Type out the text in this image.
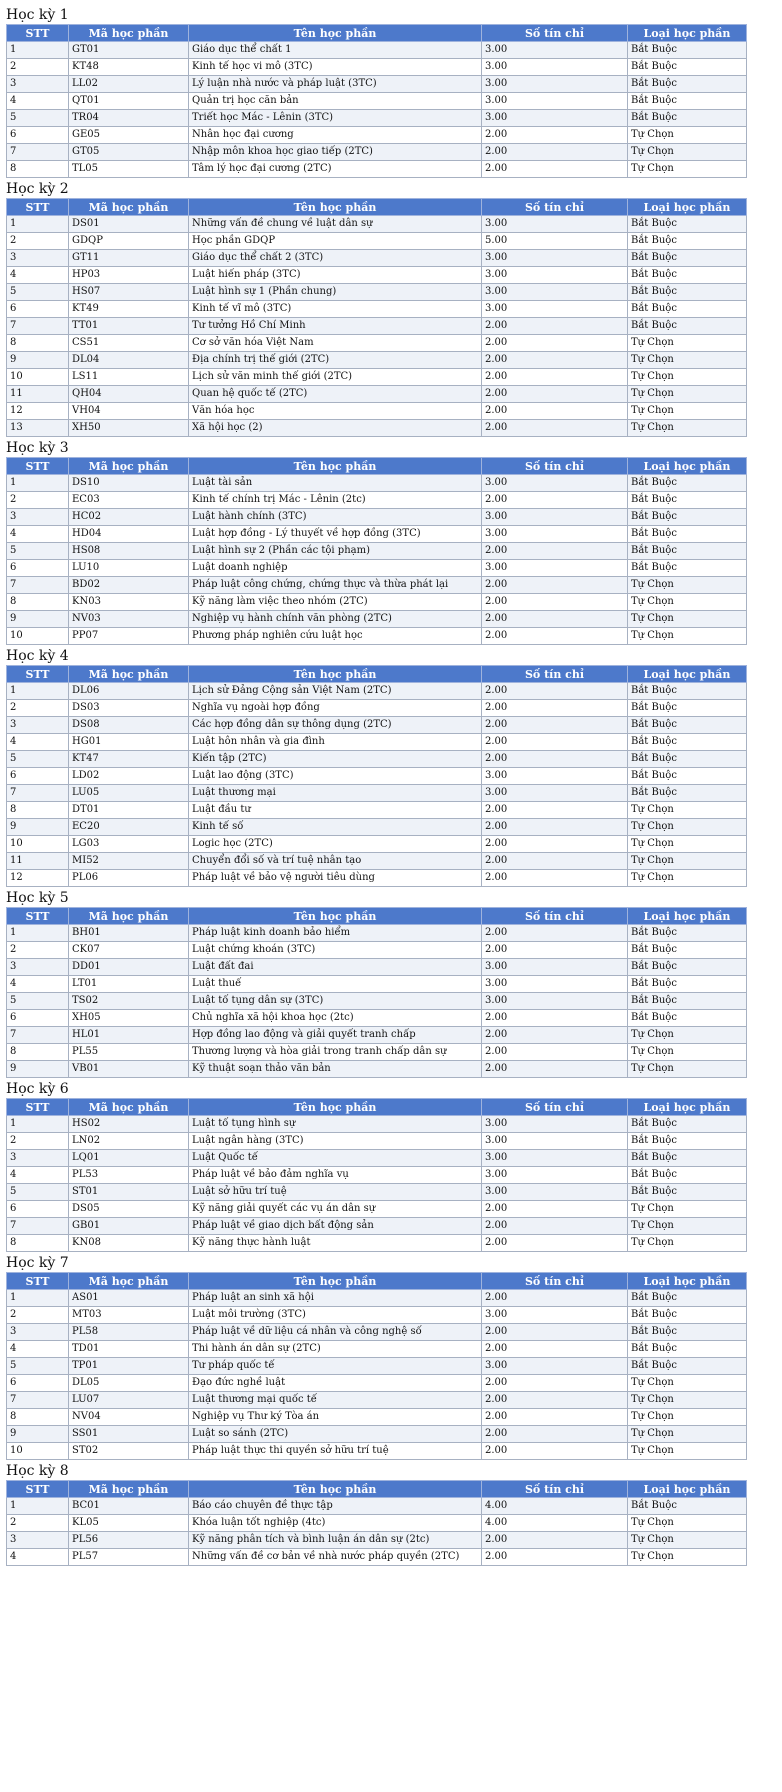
Học kỳ 1
STT	Mã học phần	Tên học phần	Số tín chỉ	Loại học phần
1	GT01	Giáo dục thể chất 1	3.00	Bắt Buộc
2	KT48	Kinh tế học vi mô (3TC)	3.00	Bắt Buộc
3	LL02	Lý luận nhà nước và pháp luật (3TC)	3.00	Bắt Buộc
4	QT01	Quản trị học căn bản	3.00	Bắt Buộc
5	TR04	Triết học Mác - Lênin (3TC)	3.00	Bắt Buộc
6	GE05	Nhân học đại cương	2.00	Tự Chọn
7	GT05	Nhập môn khoa học giao tiếp (2TC)	2.00	Tự Chọn
8	TL05	Tâm lý học đại cương (2TC)	2.00	Tự Chọn
Học kỳ 2
STT	Mã học phần	Tên học phần	Số tín chỉ	Loại học phần
1	DS01	Những vấn đề chung về luật dân sự	3.00	Bắt Buộc
2	GDQP	Học phần GDQP	5.00	Bắt Buộc
3	GT11	Giáo dục thể chất 2 (3TC)	3.00	Bắt Buộc
4	HP03	Luật hiến pháp (3TC)	3.00	Bắt Buộc
5	HS07	Luật hình sự 1 (Phần chung)	3.00	Bắt Buộc
6	KT49	Kinh tế vĩ mô (3TC)	3.00	Bắt Buộc
7	TT01	Tư tưởng Hồ Chí Minh	2.00	Bắt Buộc
8	CS51	Cơ sở văn hóa Việt Nam	2.00	Tự Chọn
9	DL04	Địa chính trị thế giới (2TC)	2.00	Tự Chọn
10	LS11	Lịch sử văn minh thế giới (2TC)	2.00	Tự Chọn
11	QH04	Quan hệ quốc tế (2TC)	2.00	Tự Chọn
12	VH04	Văn hóa học	2.00	Tự Chọn
13	XH50	Xã hội học (2)	2.00	Tự Chọn
Học kỳ 3
STT	Mã học phần	Tên học phần	Số tín chỉ	Loại học phần
1	DS10	Luật tài sản	3.00	Bắt Buộc
2	EC03	Kinh tế chính trị Mác - Lênin (2tc)	2.00	Bắt Buộc
3	HC02	Luật hành chính (3TC)	3.00	Bắt Buộc
4	HD04	Luật hợp đồng - Lý thuyết về hợp đồng (3TC)	3.00	Bắt Buộc
5	HS08	Luật hình sự 2 (Phần các tội phạm)	2.00	Bắt Buộc
6	LU10	Luật doanh nghiệp	3.00	Bắt Buộc
7	BD02	Pháp luật công chứng, chứng thực và thừa phát lại	2.00	Tự Chọn
8	KN03	Kỹ năng làm việc theo nhóm (2TC)	2.00	Tự Chọn
9	NV03	Nghiệp vụ hành chính văn phòng (2TC)	2.00	Tự Chọn
10	PP07	Phương pháp nghiên cứu luật học	2.00	Tự Chọn
Học kỳ 4
STT	Mã học phần	Tên học phần	Số tín chỉ	Loại học phần
1	DL06	Lịch sử Đảng Cộng sản Việt Nam (2TC)	2.00	Bắt Buộc
2	DS03	Nghĩa vụ ngoài hợp đồng	2.00	Bắt Buộc
3	DS08	Các hợp đồng dân sự thông dụng (2TC)	2.00	Bắt Buộc
4	HG01	Luật hôn nhân và gia đình	2.00	Bắt Buộc
5	KT47	Kiến tập (2TC)	2.00	Bắt Buộc
6	LD02	Luật lao động (3TC)	3.00	Bắt Buộc
7	LU05	Luật thương mại	3.00	Bắt Buộc
8	DT01	Luật đầu tư	2.00	Tự Chọn
9	EC20	Kinh tế số	2.00	Tự Chọn
10	LG03	Logic học (2TC)	2.00	Tự Chọn
11	MI52	Chuyển đổi số và trí tuệ nhân tạo	2.00	Tự Chọn
12	PL06	Pháp luật về bảo vệ người tiêu dùng	2.00	Tự Chọn
Học kỳ 5
STT	Mã học phần	Tên học phần	Số tín chỉ	Loại học phần
1	BH01	Pháp luật kinh doanh bảo hiểm	2.00	Bắt Buộc
2	CK07	Luật chứng khoán (3TC)	2.00	Bắt Buộc
3	DD01	Luật đất đai	3.00	Bắt Buộc
4	LT01	Luật thuế	3.00	Bắt Buộc
5	TS02	Luật tố tụng dân sự (3TC)	3.00	Bắt Buộc
6	XH05	Chủ nghĩa xã hội khoa học (2tc)	2.00	Bắt Buộc
7	HL01	Hợp đồng lao động và giải quyết tranh chấp	2.00	Tự Chọn
8	PL55	Thương lượng và hòa giải trong tranh chấp dân sự	2.00	Tự Chọn
9	VB01	Kỹ thuật soạn thảo văn bản	2.00	Tự Chọn
Học kỳ 6
STT	Mã học phần	Tên học phần	Số tín chỉ	Loại học phần
1	HS02	Luật tố tụng hình sự	3.00	Bắt Buộc
2	LN02	Luật ngân hàng (3TC)	3.00	Bắt Buộc
3	LQ01	Luật Quốc tế	3.00	Bắt Buộc
4	PL53	Pháp luật về bảo đảm nghĩa vụ	3.00	Bắt Buộc
5	ST01	Luật sở hữu trí tuệ	3.00	Bắt Buộc
6	DS05	Kỹ năng giải quyết các vụ án dân sự	2.00	Tự Chọn
7	GB01	Pháp luật về giao dịch bất động sản	2.00	Tự Chọn
8	KN08	Kỹ năng thực hành luật	2.00	Tự Chọn
Học kỳ 7
STT	Mã học phần	Tên học phần	Số tín chỉ	Loại học phần
1	AS01	Pháp luật an sinh xã hội	2.00	Bắt Buộc
2	MT03	Luật môi trường (3TC)	3.00	Bắt Buộc
3	PL58	Pháp luật về dữ liệu cá nhân và công nghệ số	2.00	Bắt Buộc
4	TD01	Thi hành án dân sự (2TC)	2.00	Bắt Buộc
5	TP01	Tư pháp quốc tế	3.00	Bắt Buộc
6	DL05	Đạo đức nghề luật	2.00	Tự Chọn
7	LU07	Luật thương mại quốc tế	2.00	Tự Chọn
8	NV04	Nghiệp vụ Thư ký Tòa án	2.00	Tự Chọn
9	SS01	Luật so sánh (2TC)	2.00	Tự Chọn
10	ST02	Pháp luật thực thi quyền sở hữu trí tuệ	2.00	Tự Chọn
Học kỳ 8
STT	Mã học phần	Tên học phần	Số tín chỉ	Loại học phần
1	BC01	Báo cáo chuyên đề thực tập	4.00	Bắt Buộc
2	KL05	Khóa luận tốt nghiệp (4tc)	4.00	Tự Chọn
3	PL56	Kỹ năng phân tích và bình luận án dân sự (2tc)	2.00	Tự Chọn
4	PL57	Những vấn đề cơ bản về nhà nước pháp quyền (2TC)	2.00	Tự Chọn
